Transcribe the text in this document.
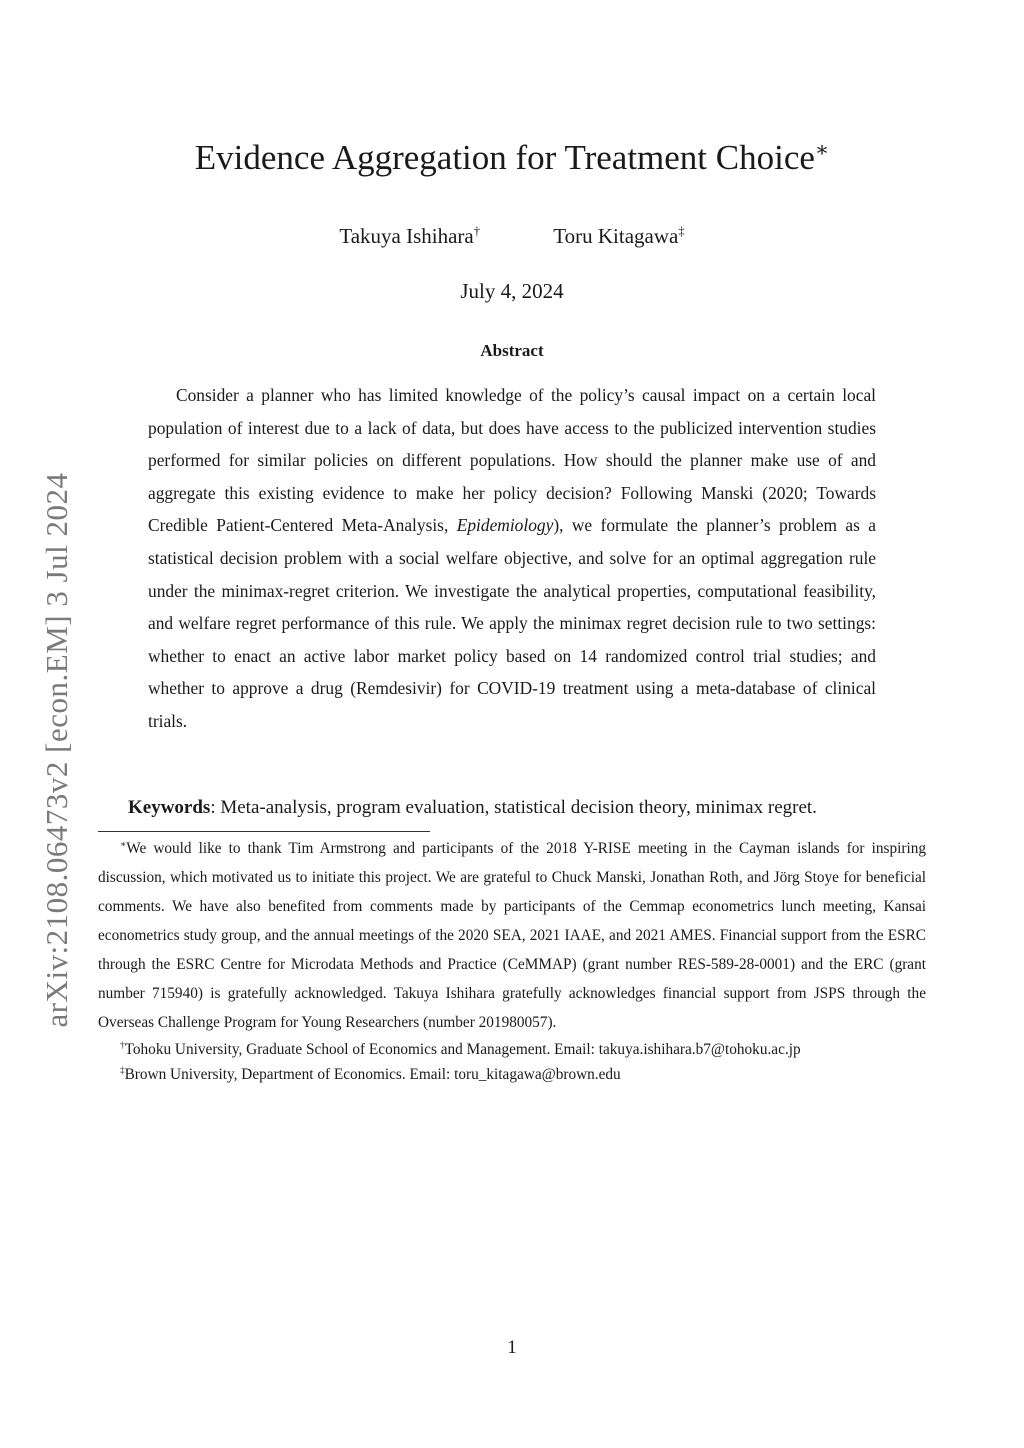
arXiv:2108.06473v2 [econ.EM] 3 Jul 2024
Evidence Aggregation for Treatment Choice∗
Takuya Ishihara†	Toru Kitagawa‡
July 4, 2024
Abstract

Consider a planner who has limited knowledge of the policy’s causal impact on a certain local population of interest due to a lack of data, but does have access to the publicized intervention studies performed for similar policies on different populations. How should the planner make use of and aggregate this existing evidence to make her policy decision? Following Manski (2020; Towards Credible Patient-Centered Meta-Analysis, Epidemiology), we formulate the planner’s problem as a statistical decision problem with a social welfare objective, and solve for an optimal aggregation rule under the minimax-regret criterion. We investigate the analytical properties, computational feasibility, and welfare regret performance of this rule. We apply the minimax regret decision rule to two settings: whether to enact an active labor market policy based on 14 randomized control trial studies; and whether to approve a drug (Remdesivir) for COVID-19 treatment using a meta-database of clinical trials.

Keywords: Meta-analysis, program evaluation, statistical decision theory, minimax regret.

∗We would like to thank Tim Armstrong and participants of the 2018 Y-RISE meeting in the Cayman islands for inspiring discussion, which motivated us to initiate this project. We are grateful to Chuck Manski, Jonathan Roth, and Jörg Stoye for beneficial comments. We have also benefited from comments made by participants of the Cemmap econometrics lunch meeting, Kansai econometrics study group, and the annual meetings of the 2020 SEA, 2021 IAAE, and 2021 AMES. Financial support from the ESRC through the ESRC Centre for Microdata Methods and Practice (CeMMAP) (grant number RES-589-28-0001) and the ERC (grant number 715940) is gratefully acknowledged. Takuya Ishihara gratefully acknowledges financial support from JSPS through the Overseas Challenge Program for Young Researchers (number 201980057).

†Tohoku University, Graduate School of Economics and Management. Email: takuya.ishihara.b7@tohoku.ac.jp

‡Brown University, Department of Economics. Email: toru_kitagawa@brown.edu

1
